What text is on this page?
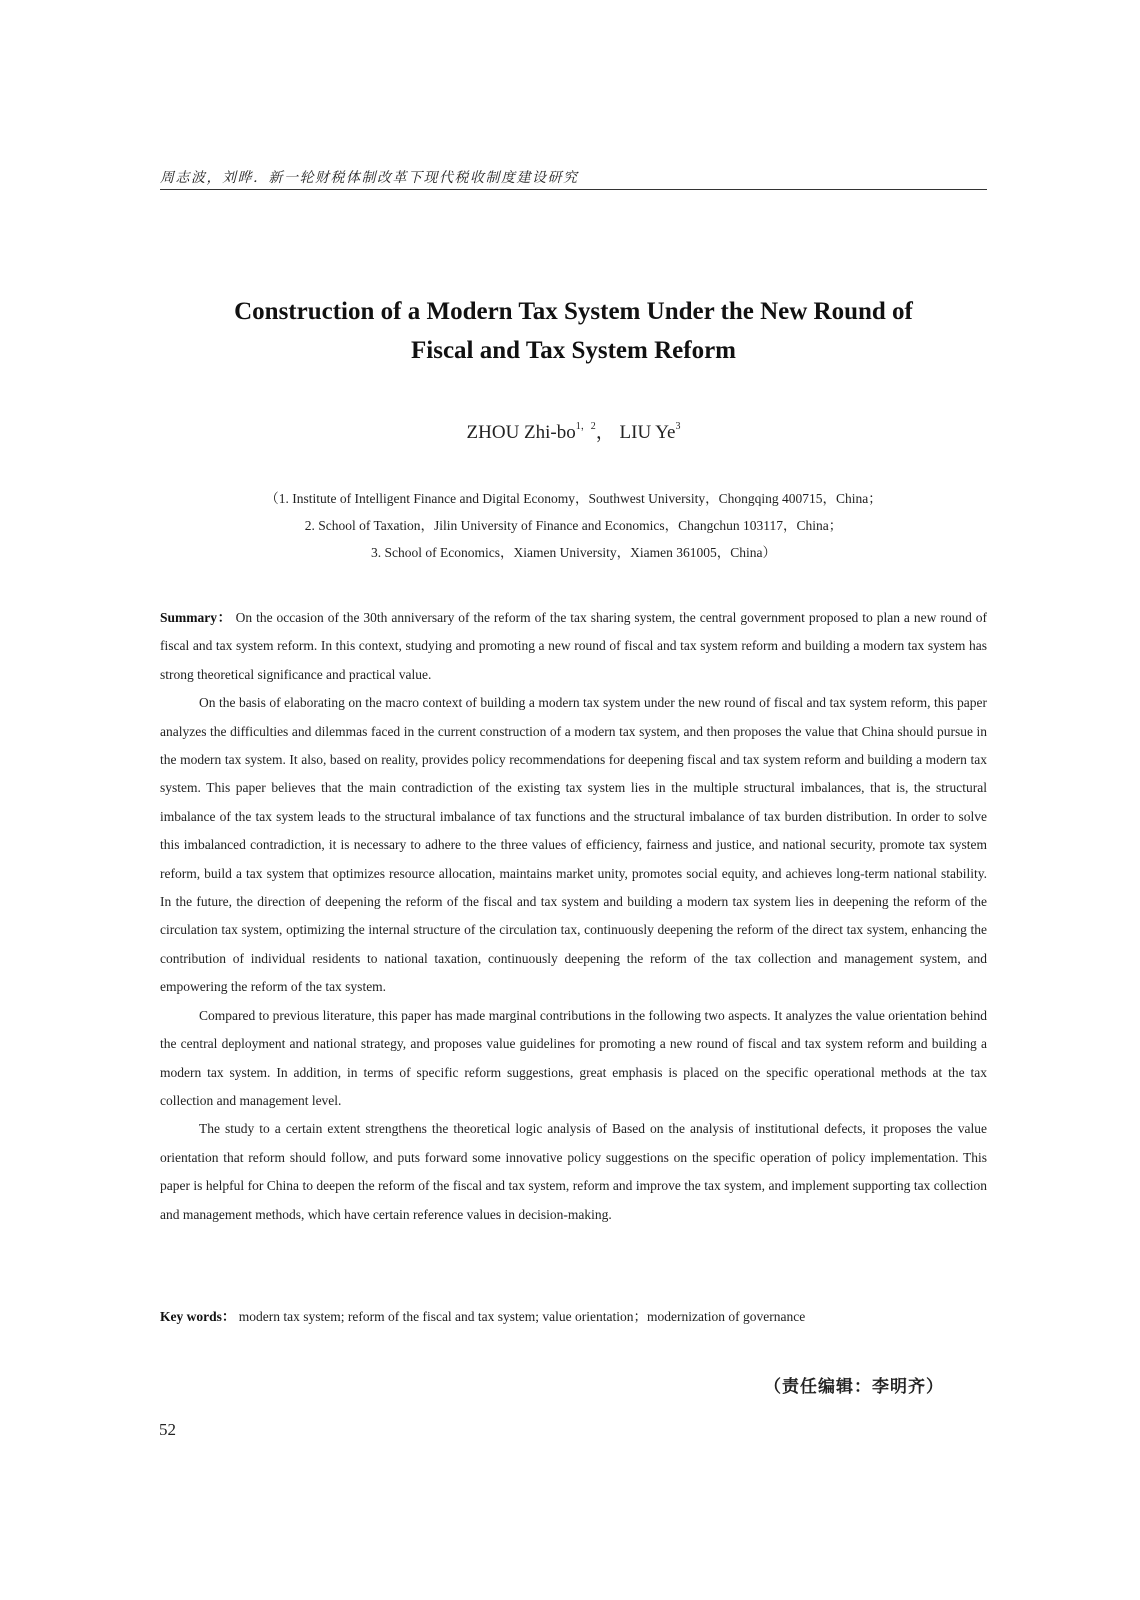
周志波，刘晔．新一轮财税体制改革下现代税收制度建设研究
Construction of a Modern Tax System Under the New Round of
Fiscal and Tax System Reform
ZHOU Zhi-$bo^{1,2}$， LIU Ye$^3$
（1. Institute of Intelligent Finance and Digital Economy，Southwest University，Chongqing 400715，China；
2. School of Taxation，Jilin University of Finance and Economics，Changchun 103117，China；
3. School of Economics，Xiamen University，Xiamen 361005，China）

Summary： On the occasion of the 30th anniversary of the reform of the tax sharing system, the central government proposed to plan a new round of fiscal and tax system reform. In this context, studying and promoting a new round of fiscal and tax system reform and building a modern tax system has strong theoretical significance and practical value.

On the basis of elaborating on the macro context of building a modern tax system under the new round of fiscal and tax system reform, this paper analyzes the difficulties and dilemmas faced in the current construction of a modern tax system, and then proposes the value that China should pursue in the modern tax system. It also, based on reality, provides policy recommendations for deepening fiscal and tax system reform and building a modern tax system. This paper believes that the main contradiction of the existing tax system lies in the multiple structural imbalances, that is, the structural imbalance of the tax system leads to the structural imbalance of tax functions and the structural imbalance of tax burden distribution. In order to solve this imbalanced contradiction, it is necessary to adhere to the three values of efficiency, fairness and justice, and national security, promote tax system reform, build a tax system that optimizes resource allocation, maintains market unity, promotes social equity, and achieves long-term national stability. In the future, the direction of deepening the reform of the fiscal and tax system and building a modern tax system lies in deepening the reform of the circulation tax system, optimizing the internal structure of the circulation tax, continuously deepening the reform of the direct tax system, enhancing the contribution of individual residents to national taxation, continuously deepening the reform of the tax collection and management system, and empowering the reform of the tax system.

Compared to previous literature, this paper has made marginal contributions in the following two aspects. It analyzes the value orientation behind the central deployment and national strategy, and proposes value guidelines for promoting a new round of fiscal and tax system reform and building a modern tax system. In addition, in terms of specific reform suggestions, great emphasis is placed on the specific operational methods at the tax collection and management level.

The study to a certain extent strengthens the theoretical logic analysis of Based on the analysis of institutional defects, it proposes the value orientation that reform should follow, and puts forward some innovative policy suggestions on the specific operation of policy implementation. This paper is helpful for China to deepen the reform of the fiscal and tax system, reform and improve the tax system, and implement supporting tax collection and management methods, which have certain reference values in decision-making.

Key words： modern tax system; reform of the fiscal and tax system; value orientation；modernization of governance
（责任编辑：李明齐）
52
